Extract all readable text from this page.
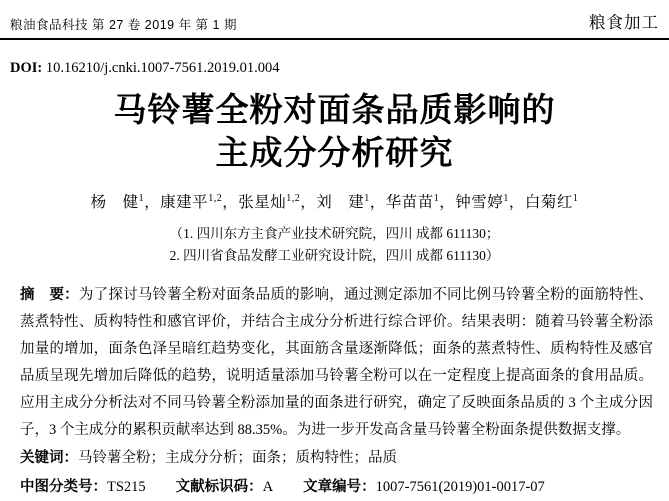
粮油食品科技 第 27 卷 2019 年 第 1 期	粮食加工
DOI: 10.16210/j.cnki.1007-7561.2019.01.004
马铃薯全粉对面条品质影响的
主成分分析研究
杨　健$^1$，康建平$^{1,2}$，张星灿$^{1,2}$，刘　建$^1$，华苗苗$^1$，钟雪婷$^1$，白菊红$^1$
（1. 四川东方主食产业技术研究院，四川 成都 611130；
2. 四川省食品发酵工业研究设计院，四川 成都 611130）
摘　要：为了探讨马铃薯全粉对面条品质的影响，通过测定添加不同比例马铃薯全粉的面筋特性、蒸煮特性、质构特性和感官评价，并结合主成分分析进行综合评价。结果表明：随着马铃薯全粉添加量的增加，面条色泽呈暗红趋势变化，其面筋含量逐渐降低；面条的蒸煮特性、质构特性及感官品质呈现先增加后降低的趋势，说明适量添加马铃薯全粉可以在一定程度上提高面条的食用品质。应用主成分分析法对不同马铃薯全粉添加量的面条进行研究，确定了反映面条品质的 3 个主成分因子，3 个主成分的累积贡献率达到 88.35%。为进一步开发高含量马铃薯全粉面条提供数据支撑。
关键词：马铃薯全粉；主成分分析；面条；质构特性；品质
中图分类号：TS215 文献标识码：A 文章编号：1007-7561(2019)01-0017-07
